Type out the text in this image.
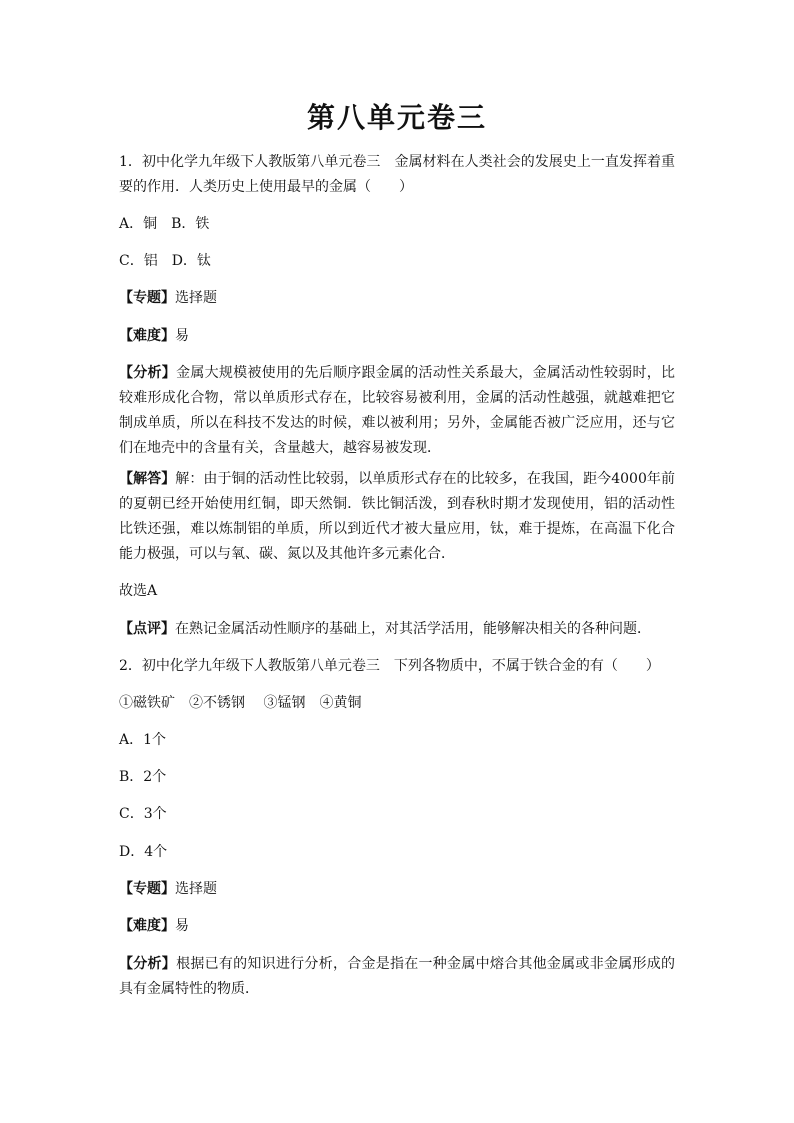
第八单元卷三

1．初中化学九年级下人教版第八单元卷三　金属材料在人类社会的发展史上一直发挥着重要的作用．人类历史上使用最早的金属（　　）

A．铜　B．铁

C．铝　D．钛

【专题】选择题

【难度】易

【分析】金属大规模被使用的先后顺序跟金属的活动性关系最大，金属活动性较弱时，比较难形成化合物，常以单质形式存在，比较容易被利用，金属的活动性越强，就越难把它制成单质，所以在科技不发达的时候，难以被利用；另外，金属能否被广泛应用，还与它们在地壳中的含量有关，含量越大，越容易被发现．

【解答】解：由于铜的活动性比较弱，以单质形式存在的比较多，在我国，距今4000年前的夏朝已经开始使用红铜，即天然铜．铁比铜活泼，到春秋时期才发现使用，铝的活动性比铁还强，难以炼制铝的单质，所以到近代才被大量应用，钛，难于提炼，在高温下化合能力极强，可以与氧、碳、氮以及其他许多元素化合．

故选A

【点评】在熟记金属活动性顺序的基础上，对其活学活用，能够解决相关的各种问题．

2．初中化学九年级下人教版第八单元卷三　下列各物质中，不属于铁合金的有（　　）

①磁铁矿　②不锈钢　 ③锰钢　④黄铜

A．1个

B．2个

C．3个

D．4个

【专题】选择题

【难度】易

【分析】根据已有的知识进行分析，合金是指在一种金属中熔合其他金属或非金属形成的具有金属特性的物质．
